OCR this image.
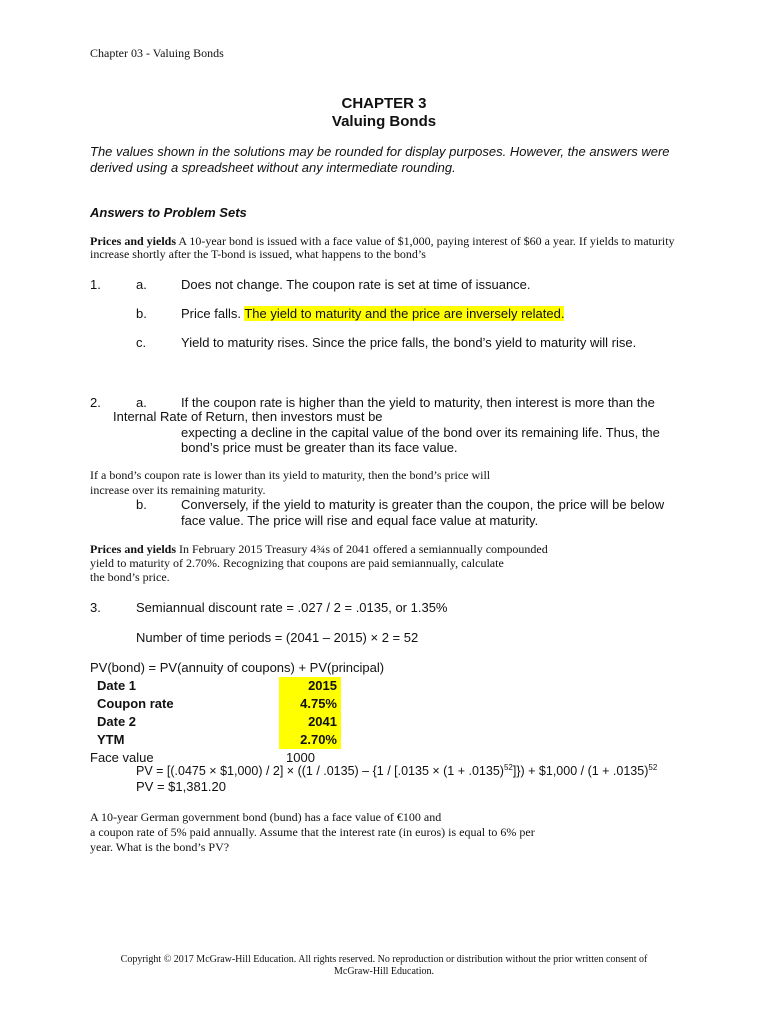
Chapter 03 - Valuing Bonds
CHAPTER 3
Valuing Bonds
The values shown in the solutions may be rounded for display purposes. However, the answers were
derived using a spreadsheet without any intermediate rounding.
Answers to Problem Sets
Prices and yields A 10-year bond is issued with a face value of $1,000, paying interest of $60 a year. If yields to maturity
increase shortly after the T-bond is issued, what happens to the bond’s
1.	a.	Does not change. The coupon rate is set at time of issuance.
b.	Price falls. The yield to maturity and the price are inversely related.
c.	Yield to maturity rises. Since the price falls, the bond’s yield to maturity will rise.
2.	a.	If the coupon rate is higher than the yield to maturity, then interest is more than the
Internal Rate of Return, then investors must be
expecting a decline in the capital value of the bond over its remaining life. Thus, the
bond’s price must be greater than its face value.
If a bond’s coupon rate is lower than its yield to maturity, then the bond’s price will
increase over its remaining maturity.
b.	Conversely, if the yield to maturity is greater than the coupon, the price will be below
face value. The price will rise and equal face value at maturity.
Prices and yields In February 2015 Treasury 4¾s of 2041 offered a semiannually compounded
yield to maturity of 2.70%. Recognizing that coupons are paid semiannually, calculate
the bond’s price.
3.	Semiannual discount rate = .027 / 2 = .0135, or 1.35%
Number of time periods = (2041 – 2015) × 2 = 52
PV(bond) = PV(annuity of coupons) + PV(principal)
Date 1	2015
Coupon rate	4.75%
Date 2	2041
YTM	2.70%
Face value	1000
PV = [(.0475 × $1,000) / $2] \times ((1 / .0135) - \{1 / [.0135 \times (1 + .0135)^{52}]\})$ + $1,000 / $(1 + .0135)^{52}$
PV = $1,381.20
A 10-year German government bond (bund) has a face value of €100 and
a coupon rate of 5% paid annually. Assume that the interest rate (in euros) is equal to 6% per
year. What is the bond’s PV?
Copyright © 2017 McGraw-Hill Education. All rights reserved. No reproduction or distribution without the prior written consent of
McGraw-Hill Education.
